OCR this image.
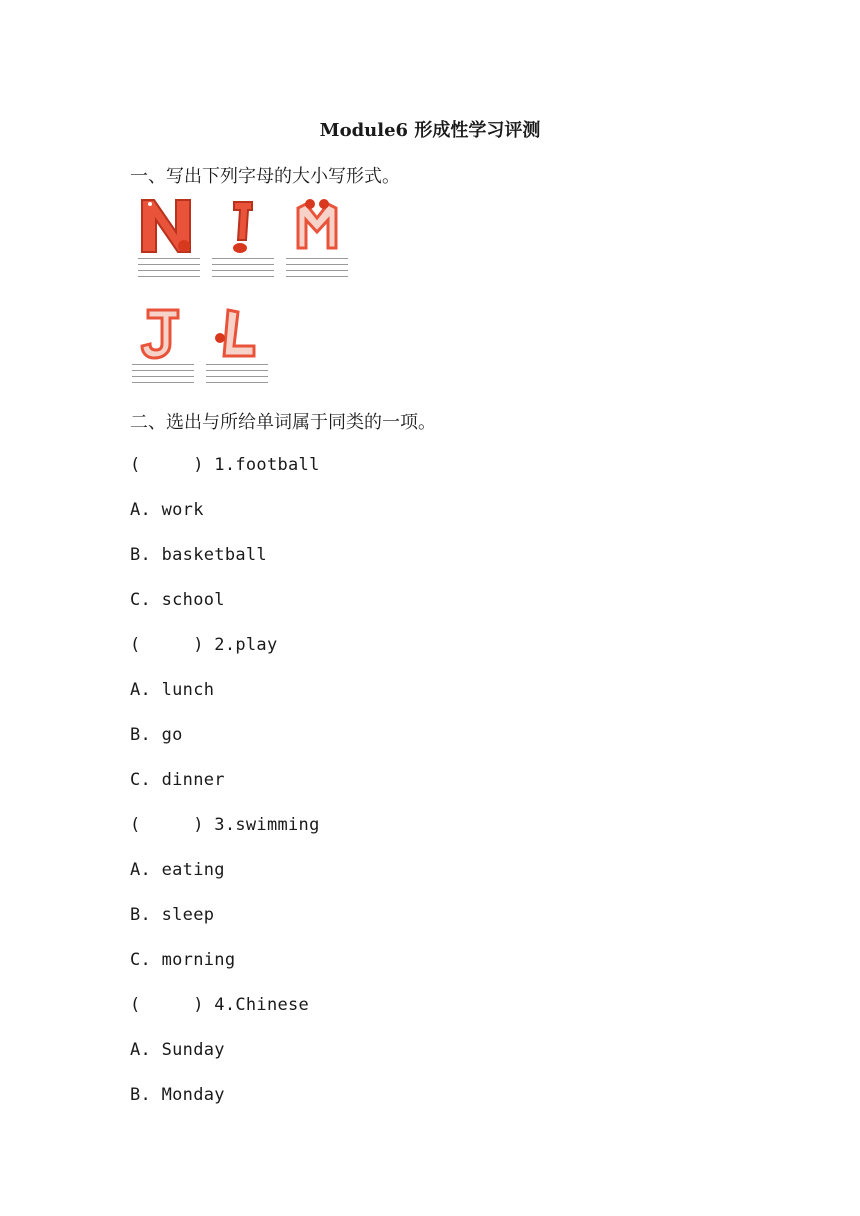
Module6 形成性学习评测
一、写出下列字母的大小写形式。
二、选出与所给单词属于同类的一项。
(     ) 1.football
A. work
B. basketball
C. school
(     ) 2.play
A. lunch
B. go
C. dinner
(     ) 3.swimming
A. eating
B. sleep
C. morning
(     ) 4.Chinese
A. Sunday
B. Monday
